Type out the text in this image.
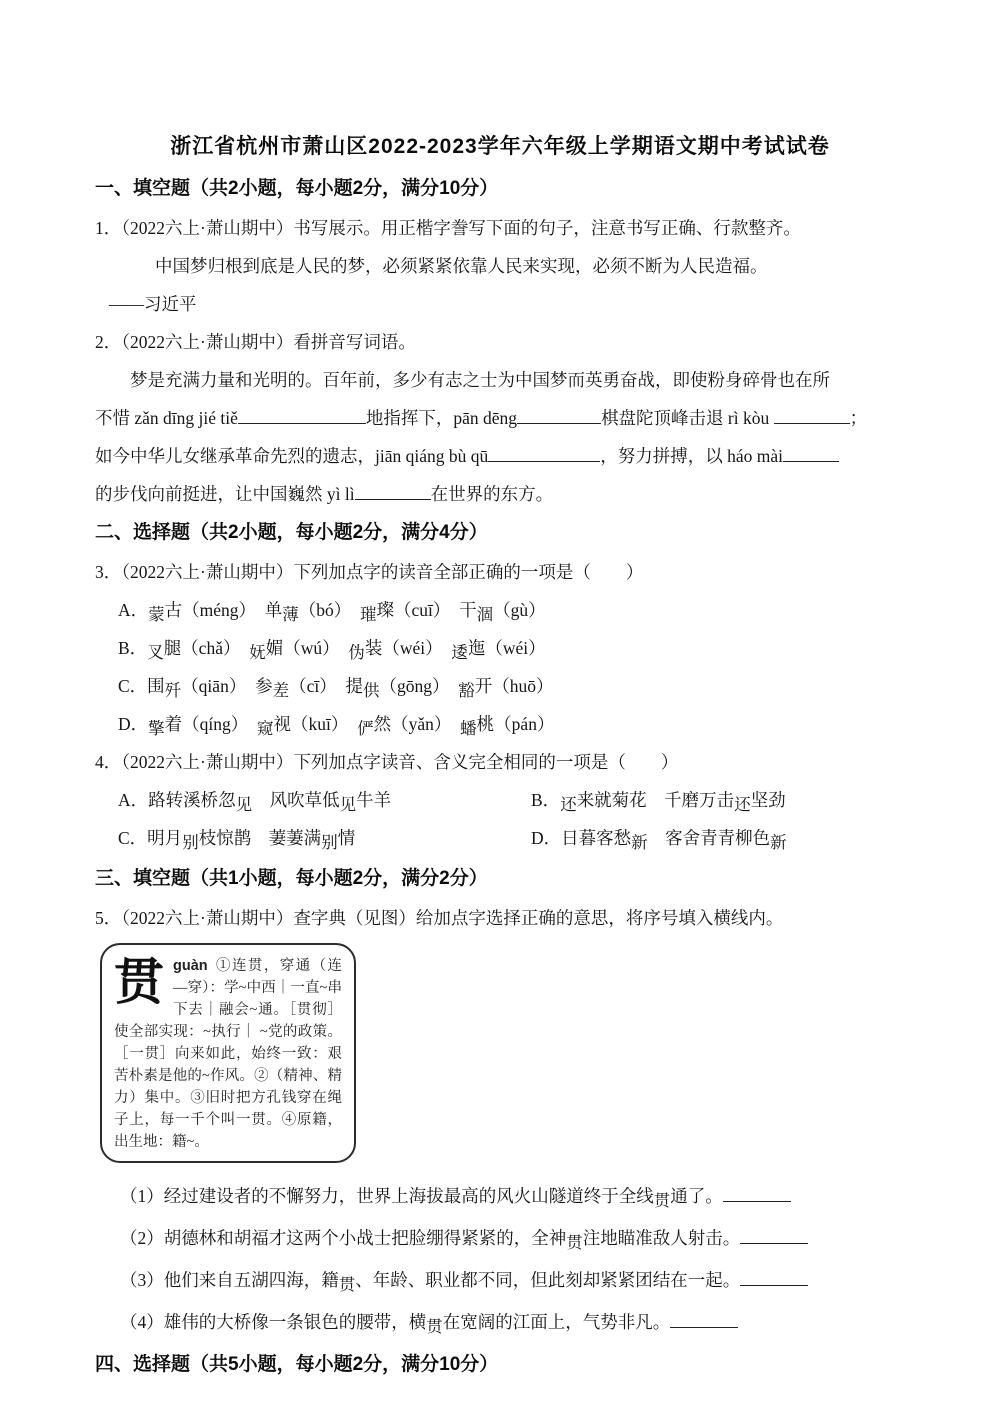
浙江省杭州市萧山区2022-2023学年六年级上学期语文期中考试试卷
一、填空题（共2小题，每小题2分，满分10分）
1．（2022六上·萧山期中）书写展示。用正楷字誊写下面的句子，注意书写正确、行款整齐。
中国梦归根到底是人民的梦，必须紧紧依靠人民来实现，必须不断为人民造福。
——习近平
2．（2022六上·萧山期中）看拼音写词语。
梦是充满力量和光明的。百年前，多少有志之士为中国梦而英勇奋战，即使粉身碎骨也在所
不惜 zǎn dīng jié tiě	地指挥下，pān dēng	棋盘陀顶峰击退 rì kòu	；
如今中华儿女继承革命先烈的遗志，jiān qiáng bù qū	，努力拼搏，以 háo mài
的步伐向前挺进，让中国巍然 yì lì	在世界的东方。
二、选择题（共2小题，每小题2分，满分4分）
3．（2022六上·萧山期中）下列加点字的读音全部正确的一项是（　　）
A．蒙古（méng）　单薄（bó）　璀璨（cuī）　干涸（gù）
B．叉腿（chǎ）　妩媚（wú）　伪装（wéi）　逶迤（wéi）
C．围歼（qiān）　参差（cī）　提供（gōng）　豁开（huō）
D．擎着（qíng）　窥视（kuī）　俨然（yǎn）　蟠桃（pán）
4．（2022六上·萧山期中）下列加点字读音、含义完全相同的一项是（　　）
A．路转溪桥忽见　风吹草低见牛羊	B．还来就菊花　千磨万击还坚劲
C．明月别枝惊鹊　萋萋满别情	D．日暮客愁新　客舍青青柳色新
三、填空题（共1小题，每小题2分，满分2分）
5．（2022六上·萧山期中）查字典（见图）给加点字选择正确的意思，将序号填入横线内。
贯guàn ①连贯，穿通（连—穿）：学~中西｜一直~串下去｜融会~通。［贯彻］使全部实现：~执行｜ ~党的政策。［一贯］向来如此，始终一致：艰苦朴素是他的~作风。②（精神、精力）集中。③旧时把方孔钱穿在绳子上，每一千个叫一贯。④原籍，出生地：籍~。
（1）经过建设者的不懈努力，世界上海拔最高的风火山隧道终于全线贯通了。
（2）胡德林和胡福才这两个小战士把脸绷得紧紧的，全神贯注地瞄准敌人射击。
（3）他们来自五湖四海，籍贯、年龄、职业都不同，但此刻却紧紧团结在一起。
（4）雄伟的大桥像一条银色的腰带，横贯在宽阔的江面上，气势非凡。
四、选择题（共5小题，每小题2分，满分10分）
